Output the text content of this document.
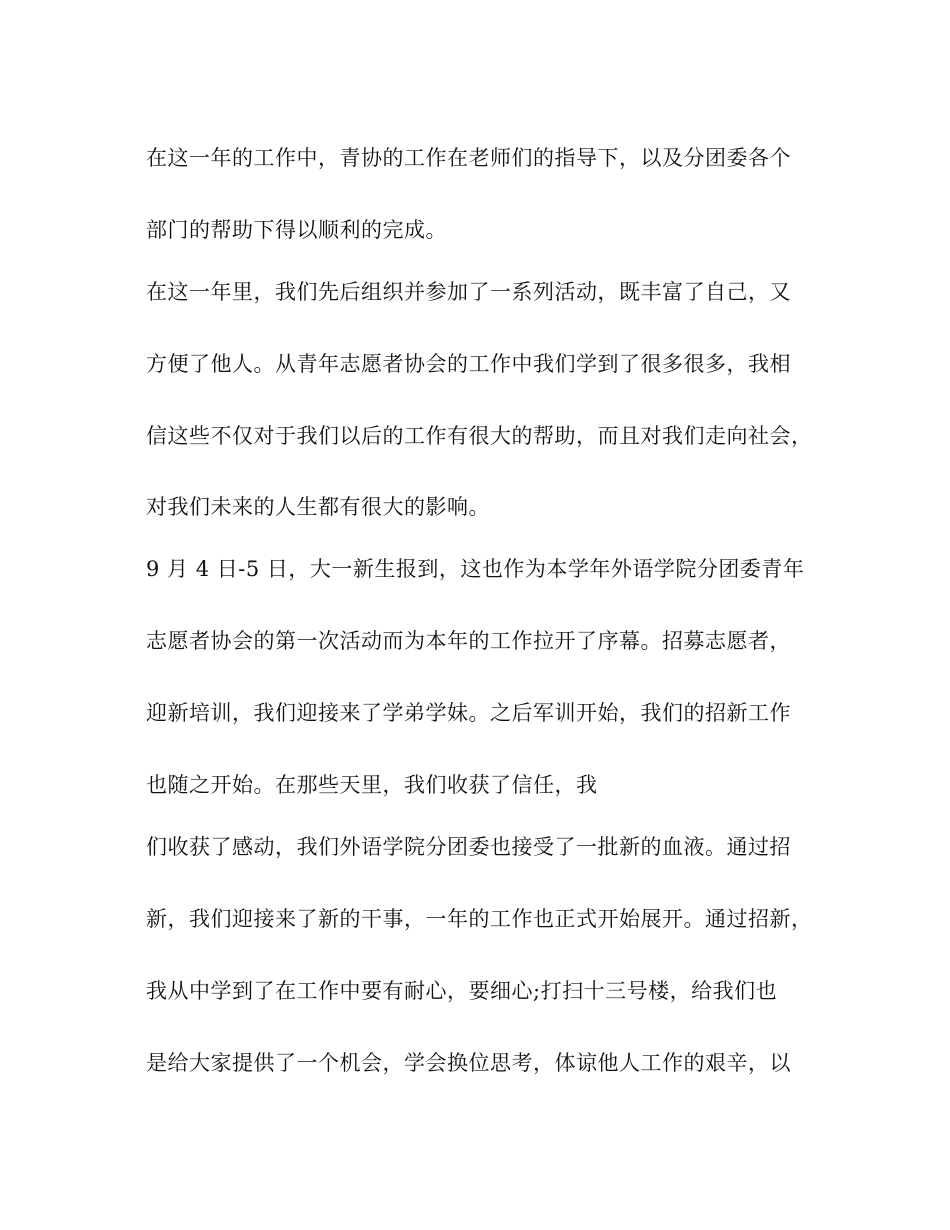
在这一年的工作中，青协的工作在老师们的指导下，以及分团委各个

部门的帮助下得以顺利的完成。

在这一年里，我们先后组织并参加了一系列活动，既丰富了自己，又

方便了他人。从青年志愿者协会的工作中我们学到了很多很多，我相

信这些不仅对于我们以后的工作有很大的帮助，而且对我们走向社会，

对我们未来的人生都有很大的影响。

9 月 4 日-5 日，大一新生报到，这也作为本学年外语学院分团委青年

志愿者协会的第一次活动而为本年的工作拉开了序幕。招募志愿者，

迎新培训，我们迎接来了学弟学妹。之后军训开始，我们的招新工作

也随之开始。在那些天里，我们收获了信任，我

们收获了感动，我们外语学院分团委也接受了一批新的血液。通过招

新，我们迎接来了新的干事，一年的工作也正式开始展开。通过招新，

我从中学到了在工作中要有耐心，要细心;打扫十三号楼，给我们也

是给大家提供了一个机会，学会换位思考，体谅他人工作的艰辛，以
